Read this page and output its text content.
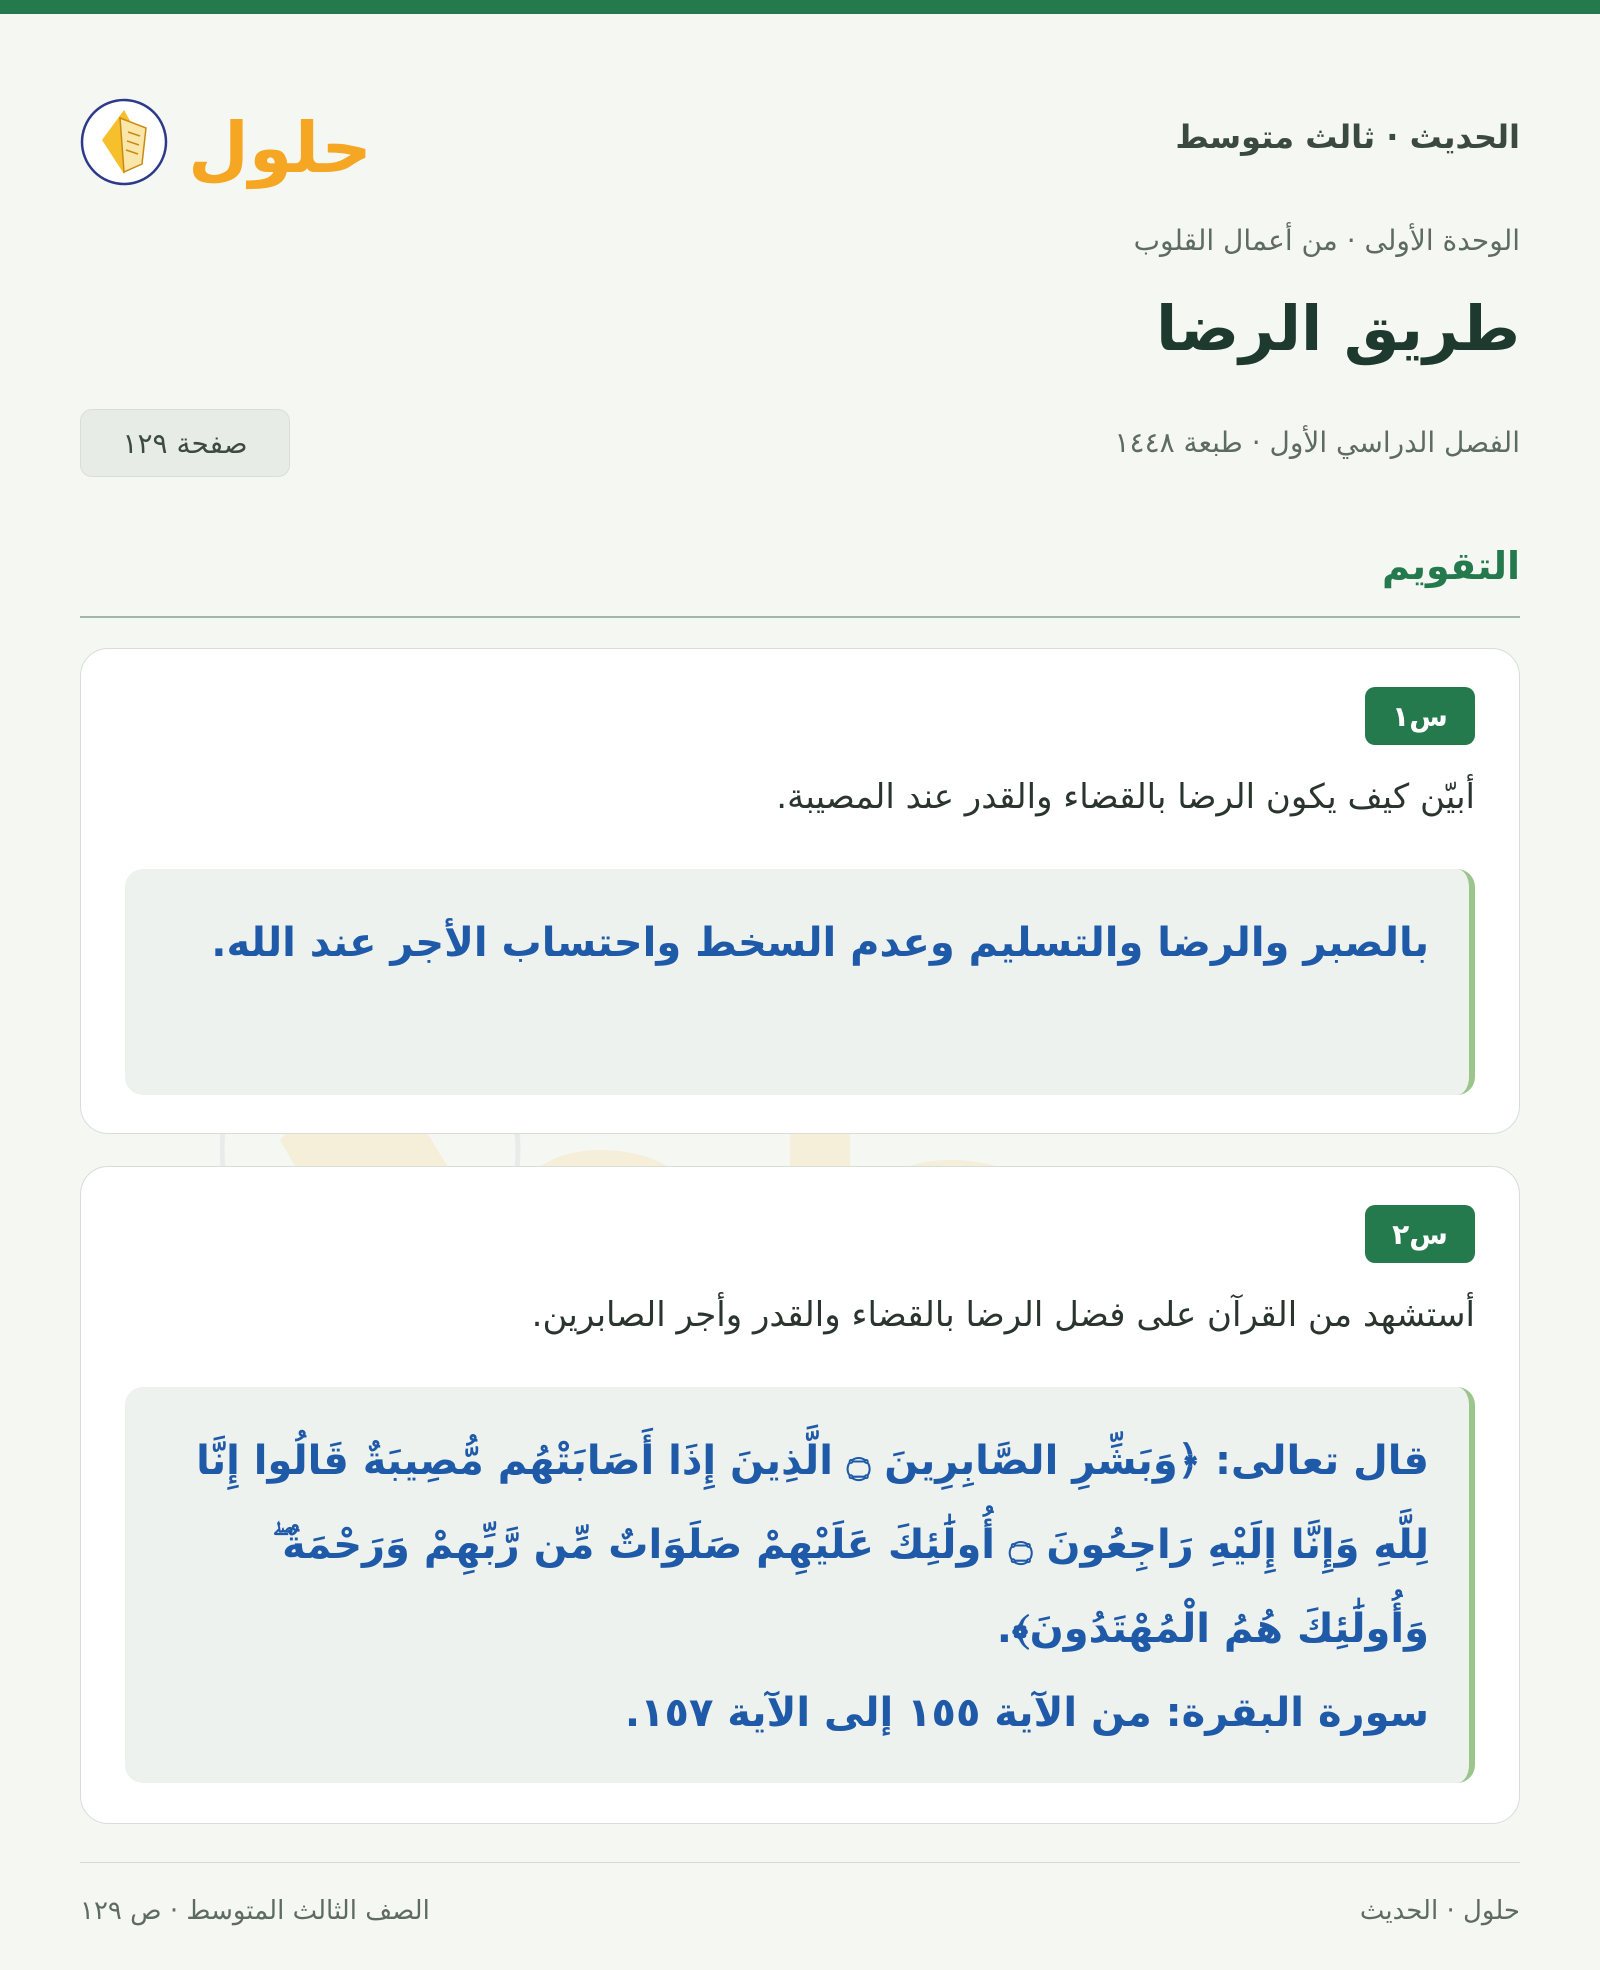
الحديث · ثالث متوسط
حلول
الوحدة الأولى · من أعمال القلوب
طريق الرضا
الفصل الدراسي الأول · طبعة ١٤٤٨
صفحة ١٢٩
التقويم
س١
أبيّن كيف يكون الرضا بالقضاء والقدر عند المصيبة.

بالصبر والرضا والتسليم وعدم السخط واحتساب الأجر عند الله.

س٢
أستشهد من القرآن على فضل الرضا بالقضاء والقدر وأجر الصابرين.

قال تعالى: ﴿وَبَشِّرِ الصَّابِرِينَ ۝ الَّذِينَ إِذَا أَصَابَتْهُم مُّصِيبَةٌ قَالُوا إِنَّا لِلَّهِ وَإِنَّا إِلَيْهِ رَاجِعُونَ ۝ أُولَٰئِكَ عَلَيْهِمْ صَلَوَاتٌ مِّن رَّبِّهِمْ وَرَحْمَةٌ ۖ وَأُولَٰئِكَ هُمُ الْمُهْتَدُونَ﴾.

سورة البقرة: من الآية ١٥٥ إلى الآية ١٥٧.

حلول · الحديث
الصف الثالث المتوسط · ص ١٢٩
